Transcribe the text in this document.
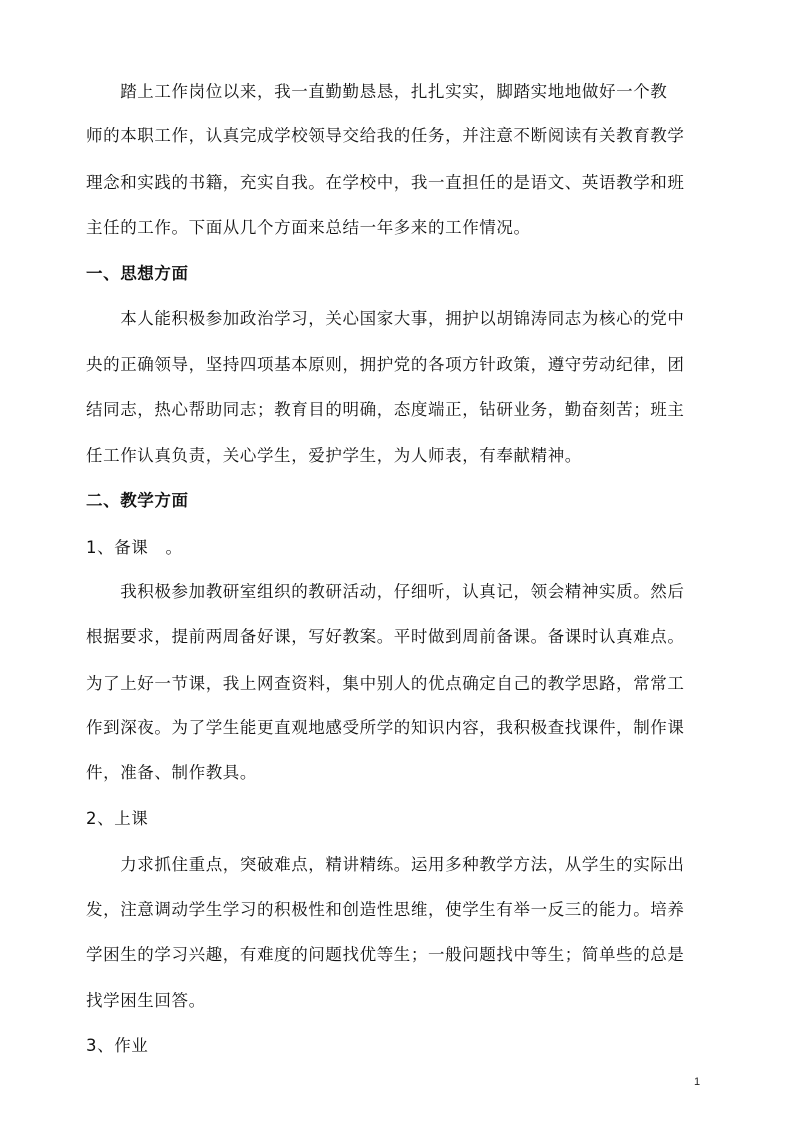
　　踏上工作岗位以来，我一直勤勤恳恳，扎扎实实，脚踏实地地做好一个教
师的本职工作，认真完成学校领导交给我的任务，并注意不断阅读有关教育教学
理念和实践的书籍，充实自我。在学校中，我一直担任的是语文、英语教学和班
主任的工作。下面从几个方面来总结一年多来的工作情况。
一、思想方面
　　本人能积极参加政治学习，关心国家大事，拥护以胡锦涛同志为核心的党中
央的正确领导，坚持四项基本原则，拥护党的各项方针政策，遵守劳动纪律，团
结同志，热心帮助同志；教育目的明确，态度端正，钻研业务，勤奋刻苦；班主
任工作认真负责，关心学生，爱护学生，为人师表，有奉献精神。
二、教学方面
1、备课　。
　　我积极参加教研室组织的教研活动，仔细听，认真记，领会精神实质。然后
根据要求，提前两周备好课，写好教案。平时做到周前备课。备课时认真难点。
为了上好一节课，我上网查资料，集中别人的优点确定自己的教学思路，常常工
作到深夜。为了学生能更直观地感受所学的知识内容，我积极查找课件，制作课
件，准备、制作教具。
2、上课
　　力求抓住重点，突破难点，精讲精练。运用多种教学方法，从学生的实际出
发，注意调动学生学习的积极性和创造性思维，使学生有举一反三的能力。培养
学困生的学习兴趣，有难度的问题找优等生；一般问题找中等生；简单些的总是
找学困生回答。
3、作业
1
